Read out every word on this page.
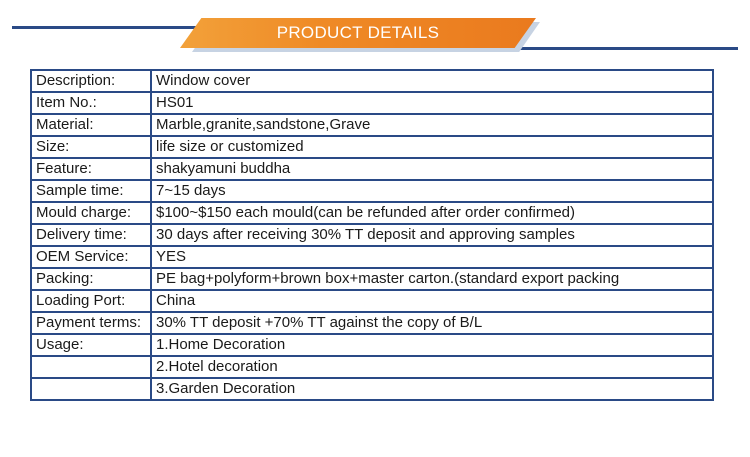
PRODUCT DETAILS
Description:	Window cover
Item No.:	HS01
Material:	Marble,granite,sandstone,Grave
Size:	life size or customized
Feature:	shakyamuni buddha
Sample time:	7~15 days
Mould charge:	$100~$150 each mould(can be refunded after order confirmed)
Delivery time:	30 days after receiving 30% TT deposit and approving samples
OEM Service:	YES
Packing:	PE bag+polyform+brown box+master carton.(standard export packing
Loading Port:	China
Payment terms:	30% TT deposit +70% TT against the copy of B/L
Usage:	1.Home Decoration
	2.Hotel decoration
	3.Garden Decoration
